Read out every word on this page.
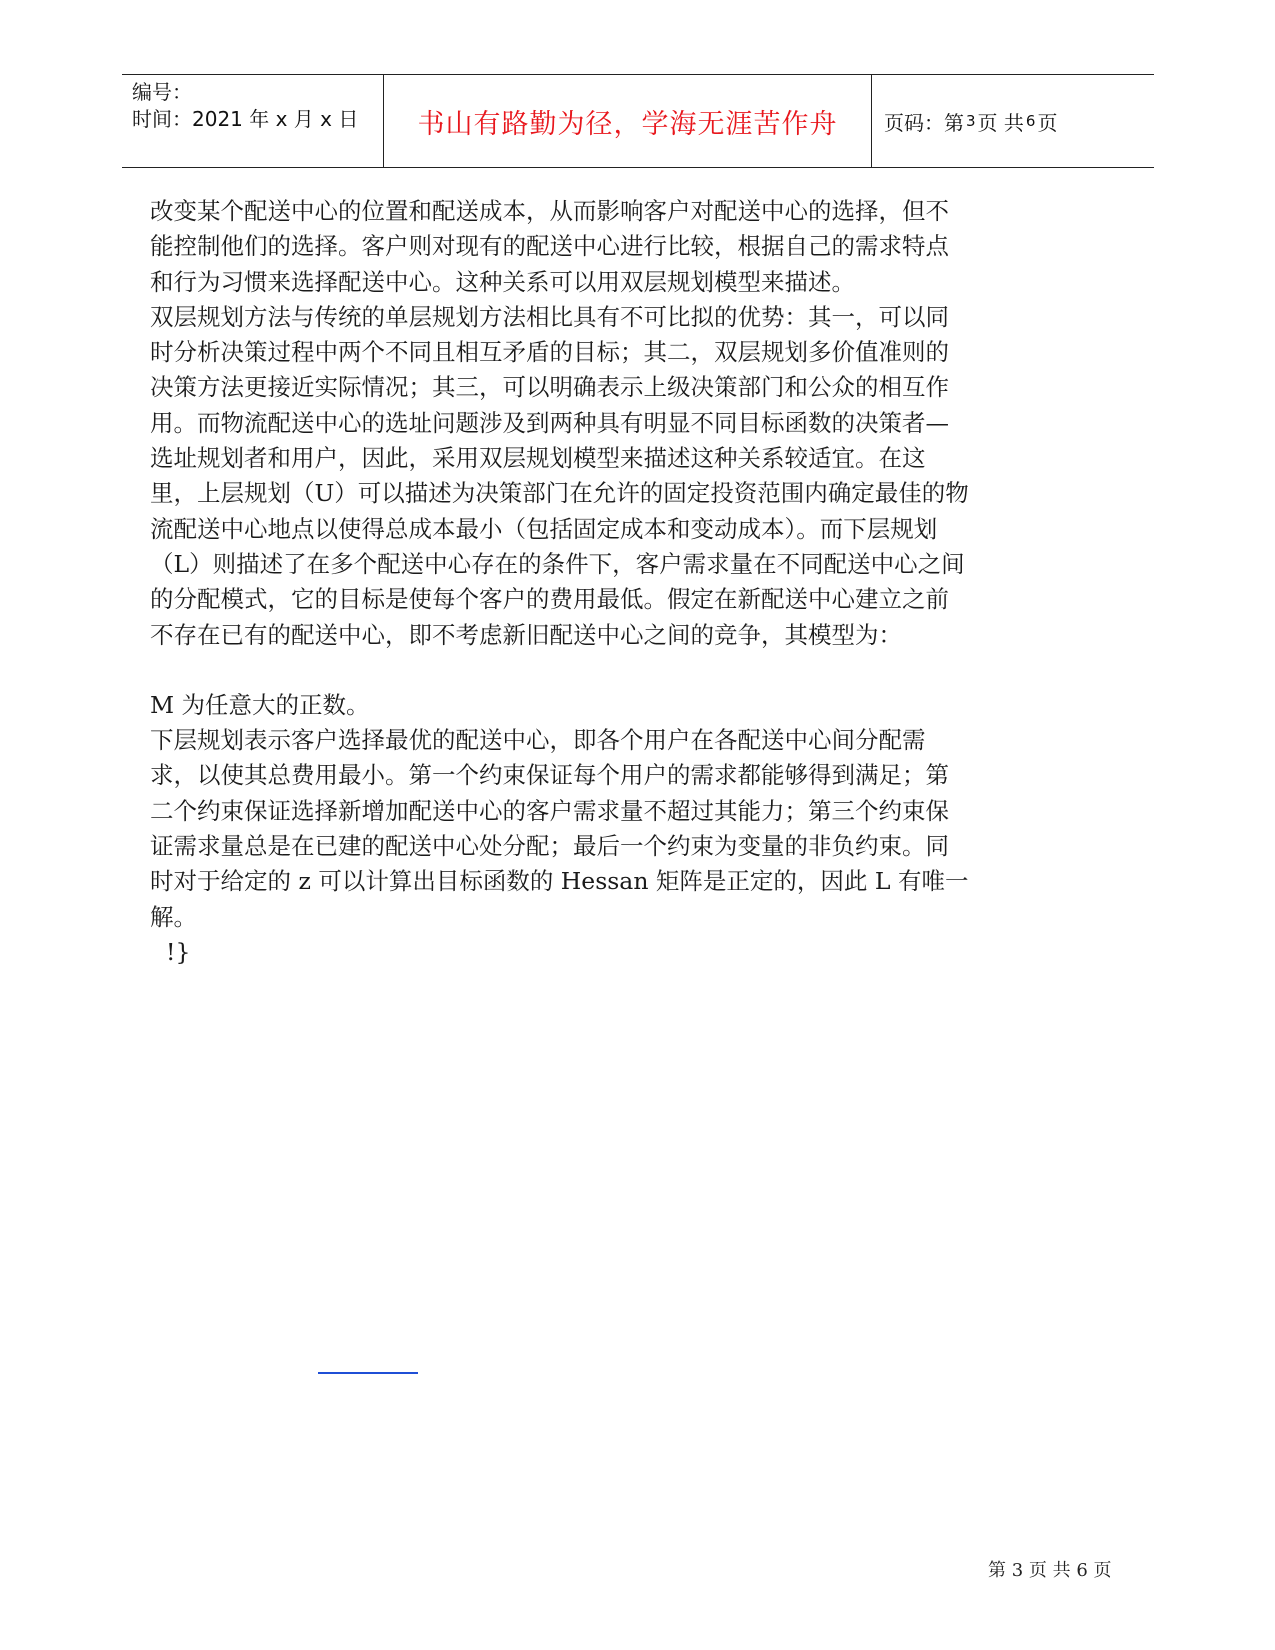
编号：
时间：2021 年 x 月 x 日	书山有路勤为径，学海无涯苦作舟	页码：第 3 页 共 6 页

改变某个配送中心的位置和配送成本，从而影响客户对配送中心的选择，但不能控制他们的选择。客户则对现有的配送中心进行比较，根据自己的需求特点和行为习惯来选择配送中心。这种关系可以用双层规划模型来描述。

双层规划方法与传统的单层规划方法相比具有不可比拟的优势：其一，可以同时分析决策过程中两个不同且相互矛盾的目标；其二，双层规划多价值准则的决策方法更接近实际情况；其三，可以明确表示上级决策部门和公众的相互作用。而物流配送中心的选址问题涉及到两种具有明显不同目标函数的决策者—选址规划者和用户，因此，采用双层规划模型来描述这种关系较适宜。在这里，上层规划（U）可以描述为决策部门在允许的固定投资范围内确定最佳的物流配送中心地点以使得总成本最小（包括固定成本和变动成本）。而下层规划（L）则描述了在多个配送中心存在的条件下，客户需求量在不同配送中心之间的分配模式，它的目标是使每个客户的费用最低。假定在新配送中心建立之前不存在已有的配送中心，即不考虑新旧配送中心之间的竞争，其模型为：

M 为任意大的正数。

下层规划表示客户选择最优的配送中心，即各个用户在各配送中心间分配需求，以使其总费用最小。第一个约束保证每个用户的需求都能够得到满足；第二个约束保证选择新增加配送中心的客户需求量不超过其能力；第三个约束保证需求量总是在已建的配送中心处分配；最后一个约束为变量的非负约束。同时对于给定的 z 可以计算出目标函数的 Hessan 矩阵是正定的，因此 L 有唯一解。

!}

第 3 页 共 6 页
